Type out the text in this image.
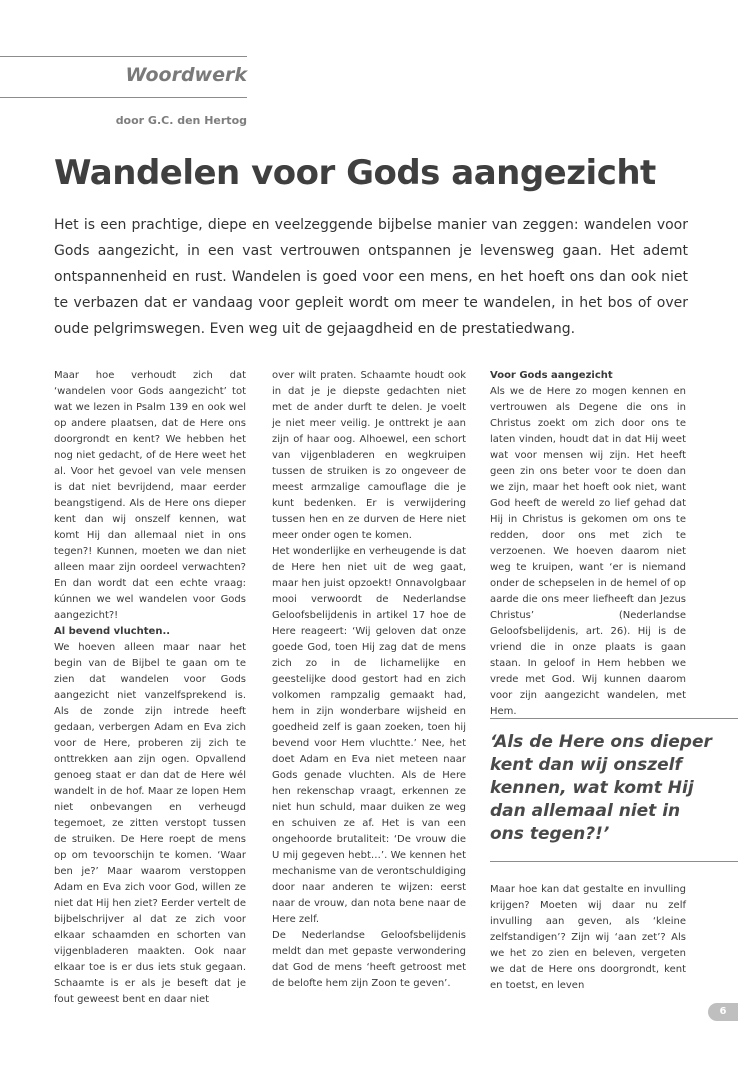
Woordwerk
door G.C. den Hertog
Wandelen voor Gods aangezicht

Het is een prachtige, diepe en veelzeggende bijbelse manier van zeggen: wandelen voor Gods aangezicht, in een vast vertrouwen ontspannen je levensweg gaan. Het ademt ontspannenheid en rust. Wandelen is goed voor een mens, en het hoeft ons dan ook niet te verbazen dat er vandaag voor gepleit wordt om meer te wandelen, in het bos of over oude pelgrimswegen. Even weg uit de gejaagdheid en de prestatiedwang.

Maar hoe verhoudt zich dat ‘wandelen voor Gods aangezicht’ tot wat we lezen in Psalm 139 en ook wel op andere plaatsen, dat de Here ons doorgrondt en kent? We hebben het nog niet gedacht, of de Here weet het al. Voor het gevoel van vele mensen is dat niet bevrijdend, maar eerder beangstigend. Als de Here ons dieper kent dan wij onszelf kennen, wat komt Hij dan allemaal niet in ons tegen?! Kunnen, moeten we dan niet alleen maar zijn oordeel verwachten? En dan wordt dat een echte vraag: kúnnen we wel wandelen voor Gods aangezicht?!

Al bevend vluchten..

We hoeven alleen maar naar het begin van de Bijbel te gaan om te zien dat wandelen voor Gods aangezicht niet vanzelfsprekend is. Als de zonde zijn intrede heeft gedaan, verbergen Adam en Eva zich voor de Here, proberen zij zich te onttrekken aan zijn ogen. Opvallend genoeg staat er dan dat de Here wél wandelt in de hof. Maar ze lopen Hem niet onbevangen en verheugd tegemoet, ze zitten verstopt tussen de struiken. De Here roept de mens op om tevoorschijn te komen. ‘Waar ben je?’ Maar waarom verstoppen Adam en Eva zich voor God, willen ze niet dat Hij hen ziet? Eerder vertelt de bijbelschrijver al dat ze zich voor elkaar schaamden en schorten van vijgenbladeren maakten. Ook naar elkaar toe is er dus iets stuk gegaan. Schaamte is er als je beseft dat je fout geweest bent en daar niet

over wilt praten. Schaamte houdt ook in dat je je diepste gedachten niet met de ander durft te delen. Je voelt je niet meer veilig. Je onttrekt je aan zijn of haar oog. Alhoewel, een schort van vijgenbladeren en wegkruipen tussen de struiken is zo ongeveer de meest armzalige camouflage die je kunt bedenken. Er is verwijdering tussen hen en ze durven de Here niet meer onder ogen te komen.

Het wonderlijke en verheugende is dat de Here hen niet uit de weg gaat, maar hen juist opzoekt! Onnavolgbaar mooi verwoordt de Nederlandse Geloofsbelijdenis in artikel 17 hoe de Here reageert: ‘Wij geloven dat onze goede God, toen Hij zag dat de mens zich zo in de lichamelijke en geestelijke dood gestort had en zich volkomen rampzalig gemaakt had, hem in zijn wonderbare wijsheid en goedheid zelf is gaan zoeken, toen hij bevend voor Hem vluchtte.’ Nee, het doet Adam en Eva niet meteen naar Gods genade vluchten. Als de Here hen rekenschap vraagt, erkennen ze niet hun schuld, maar duiken ze weg en schuiven ze af. Het is van een ongehoorde brutaliteit: ‘De vrouw die U mij gegeven hebt…’. We kennen het mechanisme van de verontschuldiging door naar anderen te wijzen: eerst naar de vrouw, dan nota bene naar de Here zelf.

De Nederlandse Geloofsbelijdenis meldt dan met gepaste verwondering dat God de mens ‘heeft getroost met de belofte hem zijn Zoon te geven’.

Voor Gods aangezicht

Als we de Here zo mogen kennen en vertrouwen als Degene die ons in Christus zoekt om zich door ons te laten vinden, houdt dat in dat Hij weet wat voor mensen wij zijn. Het heeft geen zin ons beter voor te doen dan we zijn, maar het hoeft ook niet, want God heeft de wereld zo lief gehad dat Hij in Christus is gekomen om ons te redden, door ons met zich te verzoenen. We hoeven daarom niet weg te kruipen, want ‘er is niemand onder de schepselen in de hemel of op aarde die ons meer liefheeft dan Jezus Christus’ (Nederlandse Geloofsbelijdenis, art. 26). Hij is de vriend die in onze plaats is gaan staan. In geloof in Hem hebben we vrede met God. Wij kunnen daarom voor zijn aangezicht wandelen, met Hem.

‘Als de Here ons dieper kent dan wij onszelf kennen, wat komt Hij dan allemaal niet in ons tegen?!’

Maar hoe kan dat gestalte en invulling krijgen? Moeten wij daar nu zelf invulling aan geven, als ‘kleine zelfstandigen’? Zijn wij ‘aan zet’? Als we het zo zien en beleven, vergeten we dat de Here ons doorgrondt, kent en toetst, en leven

6
